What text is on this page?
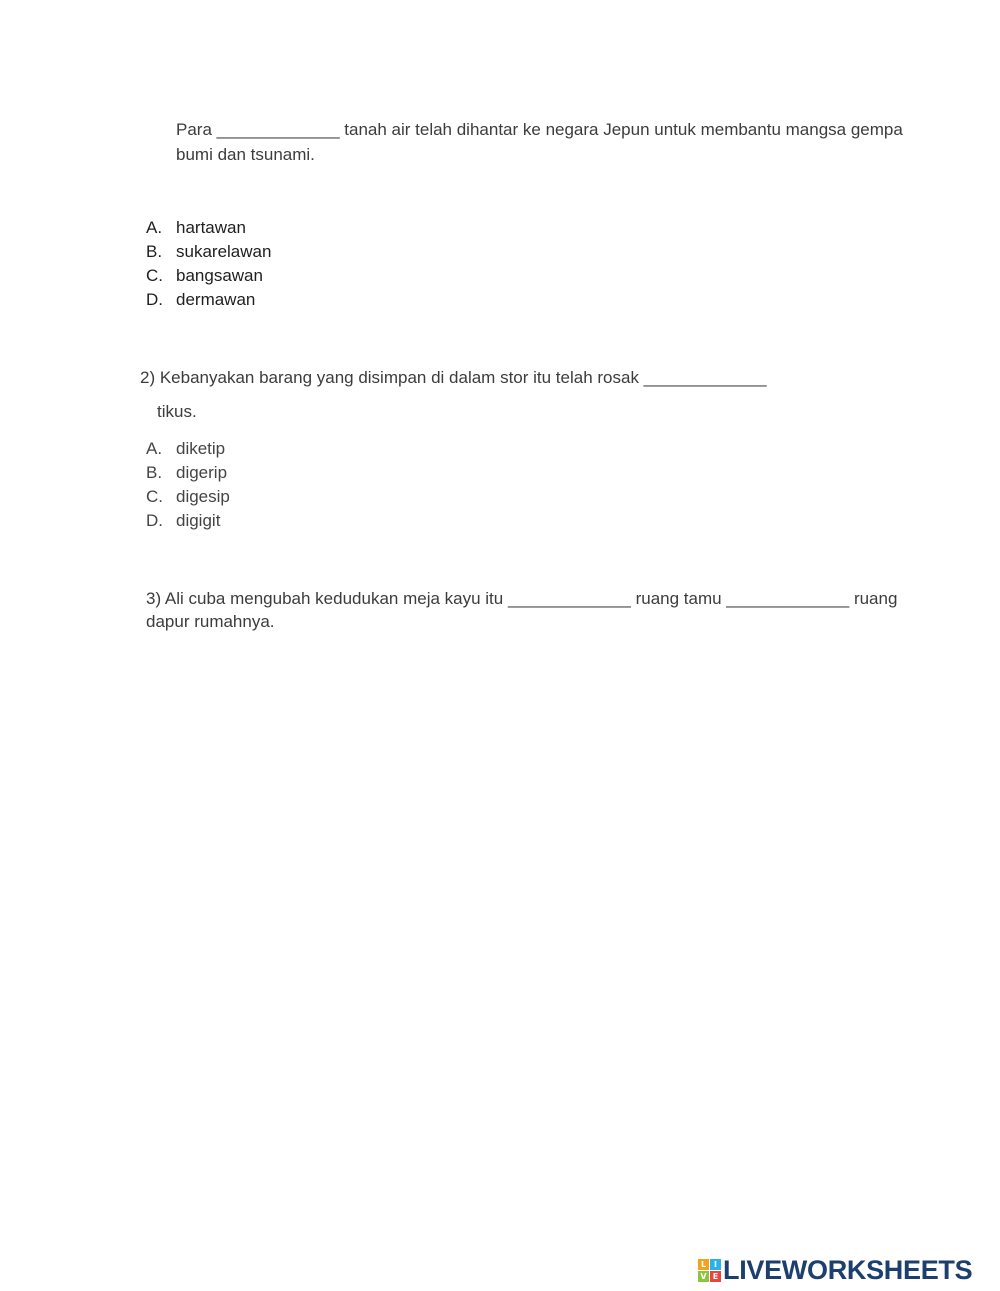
Para _____________ tanah air telah dihantar ke negara Jepun untuk membantu mangsa gempa
bumi dan tsunami.
A. hartawan
B. sukarelawan
C. bangsawan
D. dermawan
2) Kebanyakan barang yang disimpan di dalam stor itu telah rosak _____________
tikus.
A. diketip
B. digerip
C. digesip
D. digigit
3) Ali cuba mengubah kedudukan meja kayu itu _____________ ruang tamu _____________ ruang
dapur rumahnya.
L I
V E LIVEWORKSHEETS
